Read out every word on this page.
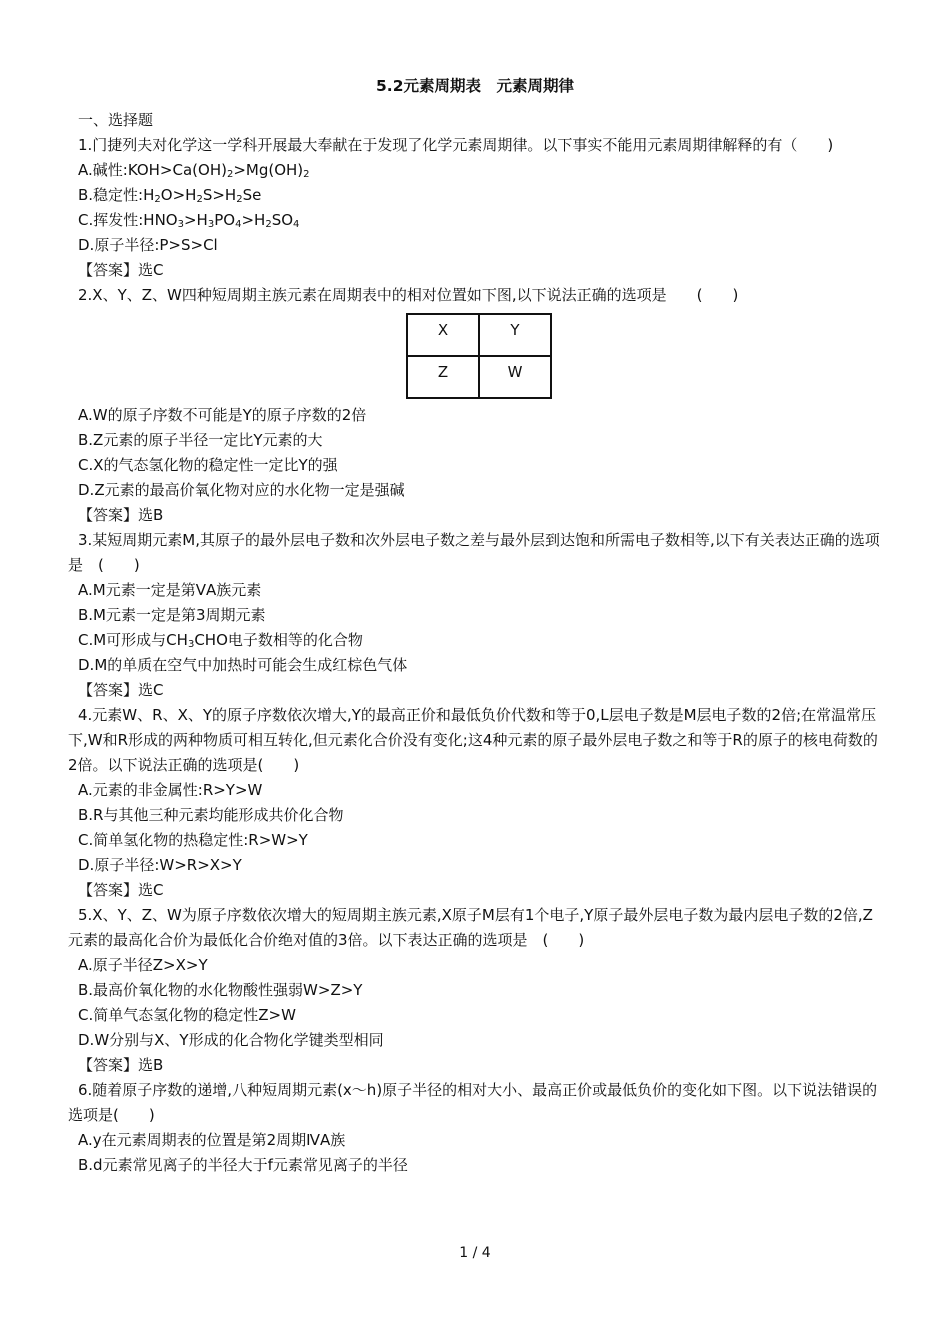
5.2元素周期表　元素周期律

一、选择题

1.门捷列夫对化学这一学科开展最大奉献在于发现了化学元素周期律。以下事实不能用元素周期律解释的有（　　)

A.碱性$:KOH>Ca(OH)_2>Mg(OH)_2$

B.稳定性$:H_2O>H_2S>H_2Se$

C.挥发性$:HNO_3>H_3PO_4>H_2SO_4$

D.原子半径:P>S>Cl

【答案】选C

2.X、Y、Z、W四种短周期主族元素在周期表中的相对位置如下图,以下说法正确的选项是　　(　　)

X	Y
Z	W

A.W的原子序数不可能是Y的原子序数的2倍

B.Z元素的原子半径一定比Y元素的大

C.X的气态氢化物的稳定性一定比Y的强

D.Z元素的最高价氧化物对应的水化物一定是强碱

【答案】选B

3.某短周期元素M,其原子的最外层电子数和次外层电子数之差与最外层到达饱和所需电子数相等,以下有关表达正确的选项是　(　　)

A.M元素一定是第ⅤA族元素

B.M元素一定是第3周期元素

C.M可形成与$CH_3CHO$电子数相等的化合物

D.M的单质在空气中加热时可能会生成红棕色气体

【答案】选C

4.元素W、R、X、Y的原子序数依次增大,Y的最高正价和最低负价代数和等于0,L层电子数是M层电子数的2倍;在常温常压下,W和R形成的两种物质可相互转化,但元素化合价没有变化;这4种元素的原子最外层电子数之和等于R的原子的核电荷数的2倍。以下说法正确的选项是(　　)

A.元素的非金属性:R>Y>W

B.R与其他三种元素均能形成共价化合物

C.简单氢化物的热稳定性:R>W>Y

D.原子半径:W>R>X>Y

【答案】选C

5.X、Y、Z、W为原子序数依次增大的短周期主族元素,X原子M层有1个电子,Y原子最外层电子数为最内层电子数的2倍,Z元素的最高化合价为最低化合价绝对值的3倍。以下表达正确的选项是　(　　)

A.原子半径Z>X>Y

B.最高价氧化物的水化物酸性强弱W>Z>Y

C.简单气态氢化物的稳定性Z>W

D.W分别与X、Y形成的化合物化学键类型相同

【答案】选B

6.随着原子序数的递增,八种短周期元素(x～h)原子半径的相对大小、最高正价或最低负价的变化如下图。以下说法错误的选项是(　　)

A.y在元素周期表的位置是第2周期ⅣA族

B.d元素常见离子的半径大于f元素常见离子的半径

1 / 4
